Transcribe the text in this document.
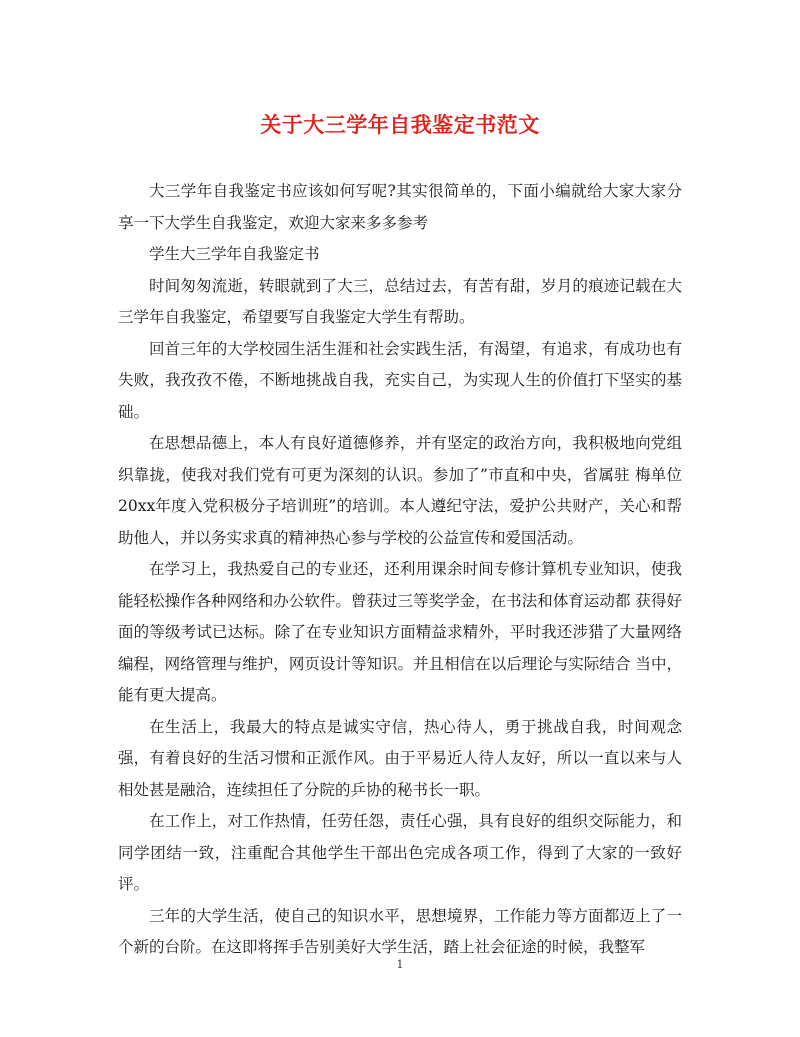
关于大三学年自我鉴定书范文

大三学年自我鉴定书应该如何写呢?其实很简单的，下面小编就给大家大家分享一下大学生自我鉴定，欢迎大家来多多参考

学生大三学年自我鉴定书

时间匆匆流逝，转眼就到了大三，总结过去，有苦有甜，岁月的痕迹记载在大三学年自我鉴定，希望要写自我鉴定大学生有帮助。

回首三年的大学校园生活生涯和社会实践生活，有渴望，有追求，有成功也有失败，我孜孜不倦，不断地挑战自我，充实自己，为实现人生的价值打下坚实的基础。

在思想品德上，本人有良好道德修养，并有坚定的政治方向，我积极地向党组织靠拢，使我对我们党有可更为深刻的认识。参加了”市直和中央，省属驻 梅单位20xx年度入党积极分子培训班”的培训。本人遵纪守法，爱护公共财产，关心和帮助他人，并以务实求真的精神热心参与学校的公益宣传和爱国活动。

在学习上，我热爱自己的专业还，还利用课余时间专修计算机专业知识，使我能轻松操作各种网络和办公软件。曾获过三等奖学金，在书法和体育运动都 获得好面的等级考试已达标。除了在专业知识方面精益求精外，平时我还涉猎了大量网络编程，网络管理与维护，网页设计等知识。并且相信在以后理论与实际结合 当中，能有更大提高。

在生活上，我最大的特点是诚实守信，热心待人，勇于挑战自我，时间观念强，有着良好的生活习惯和正派作风。由于平易近人待人友好，所以一直以来与人相处甚是融洽，连续担任了分院的乒协的秘书长一职。

在工作上，对工作热情，任劳任怨，责任心强，具有良好的组织交际能力，和同学团结一致，注重配合其他学生干部出色完成各项工作，得到了大家的一致好评。

三年的大学生活，使自己的知识水平，思想境界，工作能力等方面都迈上了一个新的台阶。在这即将挥手告别美好大学生活，踏上社会征途的时候，我整军

1
